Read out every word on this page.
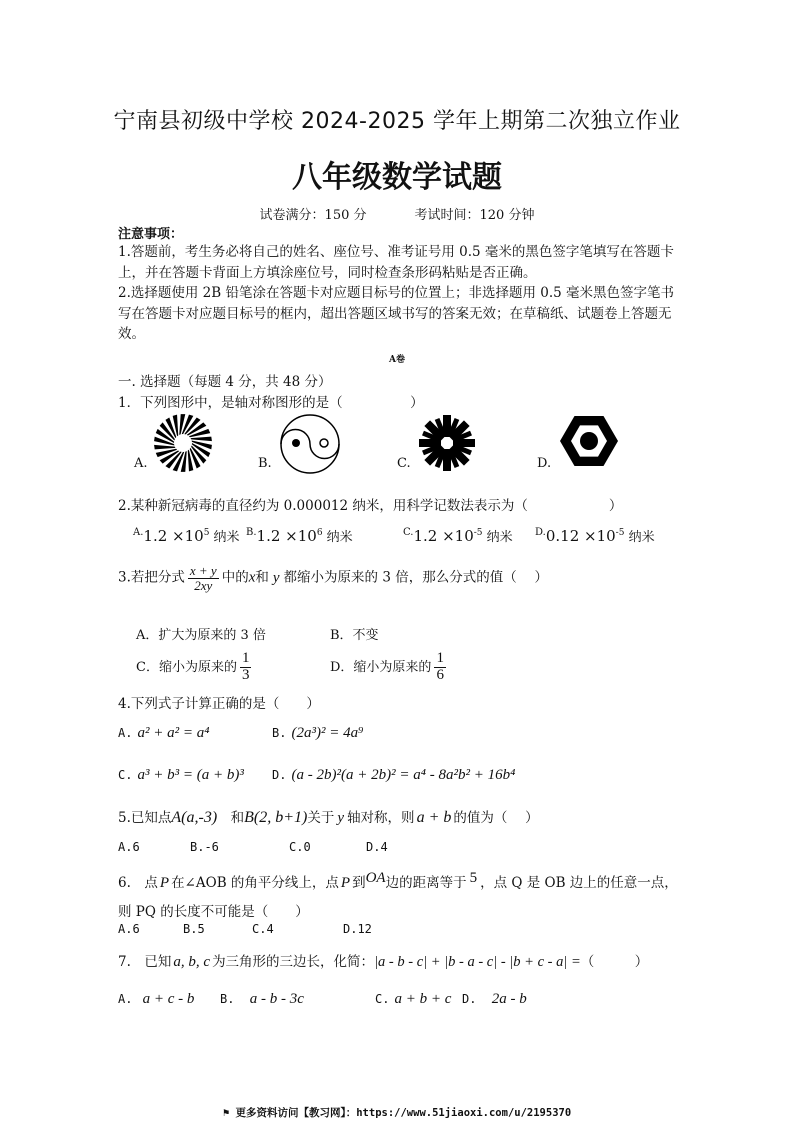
宁南县初级中学校 2024-2025 学年上期第二次独立作业
八年级数学试题
试卷满分：150 分	考试时间：120 分钟
注意事项：

1.答题前，考生务必将自己的姓名、座位号、准考证号用 0.5 毫米的黑色签字笔填写在答题卡上，并在答题卡背面上方填涂座位号，同时检查条形码粘贴是否正确。

2.选择题使用 2B 铅笔涂在答题卡对应题目标号的位置上；非选择题用 0.5 毫米黑色签字笔书写在答题卡对应题目标号的框内，超出答题区域书写的答案无效；在草稿纸、试题卷上答题无效。

A卷
一. 选择题（每题 4 分，共 48 分）
1．下列图形中，是轴对称图形的是（　　　　　）
A.	B.	C.	D.
2.某种新冠病毒的直径约为 0.000012 纳米，用科学记数法表示为（　　　　　　）
$^{A.}1.2 \times 10^5$ 纳米 $^{B.}1.2 \times 10^6$ 纳米	$^{C.}1.2 \times 10^{-5}$ 纳米 $^{D.}0.12 \times 10^{-5}$ 纳米
3.若把分式 $\frac{x + y}{2xy}$ 中的x和 y 都缩小为原来的 3 倍，那么分式的值（　 ）
A．扩大为原来的 3 倍	B．不变
C．缩小为原来的 $\frac{1}{3}$	D．缩小为原来的 $\frac{1}{6}$
4.下列式子计算正确的是（　　）
A. a² + a² = a⁴	B. (2a³)² = 4a⁹
C. a³ + b³ = (a + b)³ D. (a - 2b)²(a + 2b)² = a⁴ - 8a²b² + 16b⁴
5.已知点A(a,-3)　和B(2, b+1)关于 y 轴对称，则 a + b 的值为（　 ）
A.6	B.-6	C.0	D.4
6.　点 P 在∠AOB 的角平分线上，点 P 到OA边的距离等于 5 ，点 Q 是 OB 边上的任意一点，
则 PQ 的长度不可能是（　　）
A.6	B.5	C.4	D.12
7.　已知 a, b, c 为三角形的三边长，化简：|a - b - c| + |b - a - c| - |b + c - a| =（　　　）
A. a + c - b B. a - b - 3c	C. a + b + c D. 2a - b
⚑ 更多资料访问【教习网】：https://www.51jiaoxi.com/u/2195370
